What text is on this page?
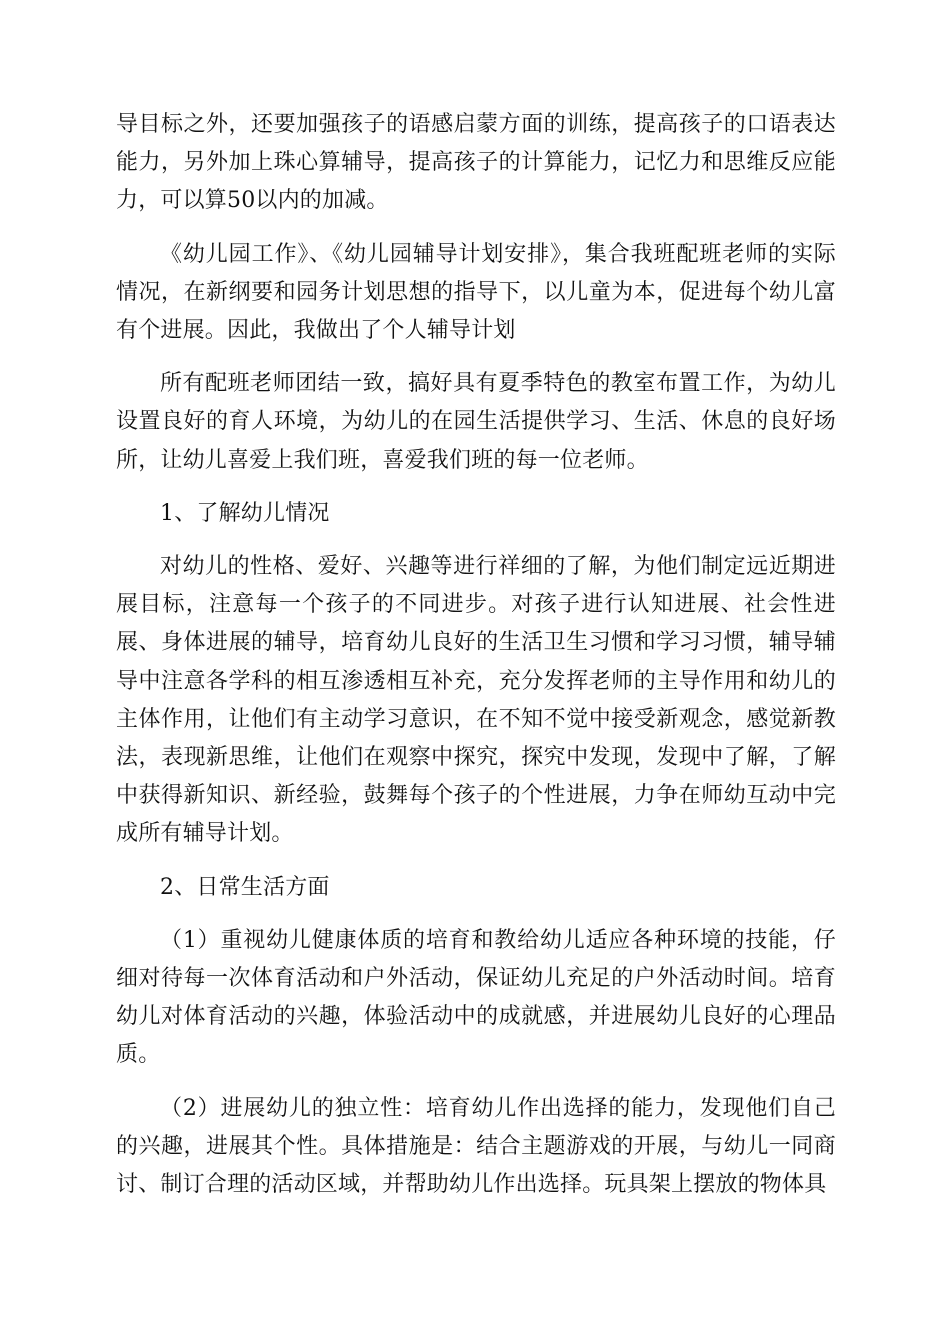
导目标之外，还要加强孩子的语感启蒙方面的训练，提高孩子的口语表达能力，另外加上珠心算辅导，提高孩子的计算能力，记忆力和思维反应能力，可以算50以内的加减。

《幼儿园工作》、《幼儿园辅导计划安排》，集合我班配班老师的实际情况，在新纲要和园务计划思想的指导下，以儿童为本，促进每个幼儿富有个进展。因此，我做出了个人辅导计划

所有配班老师团结一致，搞好具有夏季特色的教室布置工作，为幼儿设置良好的育人环境，为幼儿的在园生活提供学习、生活、休息的良好场所，让幼儿喜爱上我们班，喜爱我们班的每一位老师。

1、了解幼儿情况

对幼儿的性格、爱好、兴趣等进行祥细的了解，为他们制定远近期进展目标，注意每一个孩子的不同进步。对孩子进行认知进展、社会性进展、身体进展的辅导，培育幼儿良好的生活卫生习惯和学习习惯，辅导辅导中注意各学科的相互渗透相互补充，充分发挥老师的主导作用和幼儿的主体作用，让他们有主动学习意识，在不知不觉中接受新观念，感觉新教法，表现新思维，让他们在观察中探究，探究中发现，发现中了解，了解中获得新知识、新经验，鼓舞每个孩子的个性进展，力争在师幼互动中完成所有辅导计划。

2、日常生活方面

（1）重视幼儿健康体质的培育和教给幼儿适应各种环境的技能，仔细对待每一次体育活动和户外活动，保证幼儿充足的户外活动时间。培育幼儿对体育活动的兴趣，体验活动中的成就感，并进展幼儿良好的心理品质。

（2）进展幼儿的独立性：培育幼儿作出选择的能力，发现他们自己的兴趣，进展其个性。具体措施是：结合主题游戏的开展，与幼儿一同商讨、制订合理的活动区域，并帮助幼儿作出选择。玩具架上摆放的物体具
